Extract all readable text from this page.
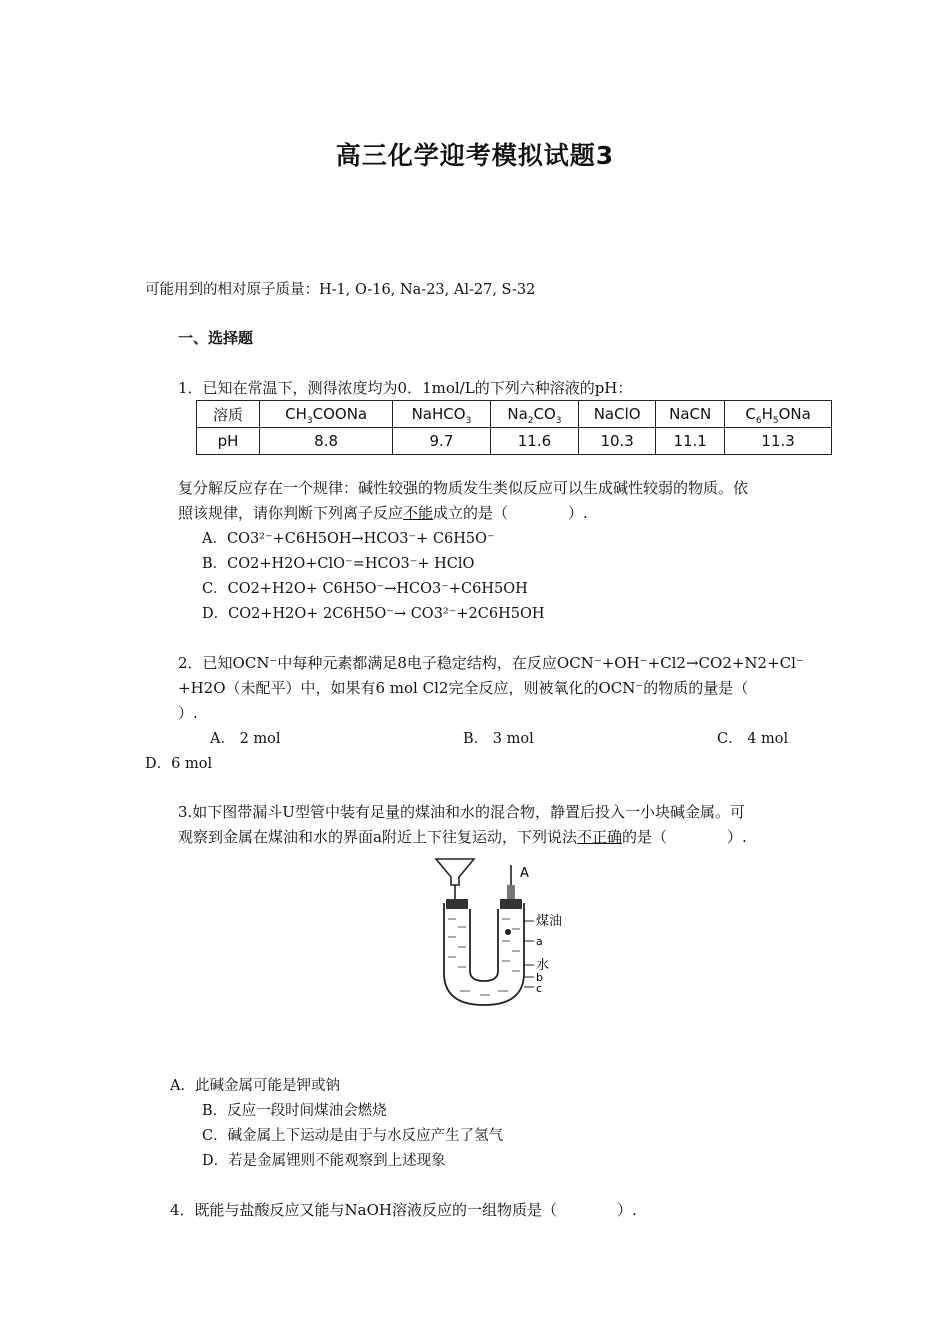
高三化学迎考模拟试题3
可能用到的相对原子质量：H-1, O-16, Na-23, Al-27, S-32
一、选择题
1．已知在常温下，测得浓度均为0．1mol/L的下列六种溶液的pH：
溶质	$CH_3COONa$	NaHCO$_3$	$Na_2CO_3$	NaClO	NaCN	$C_6H_5ONa$
pH	8.8	9.7	11.6	10.3	11.1	11.3
复分解反应存在一个规律：碱性较强的物质发生类似反应可以生成碱性较弱的物质。依
照该规律，请你判断下列离子反应不能成立的是（　　　　）.
A．CO3²⁻+C6H5OH→HCO3⁻+ C6H5O⁻
B．CO2+H2O+ClO⁻=HCO3⁻+ HClO
C．CO2+H2O+ C6H5O⁻→HCO3⁻+C6H5OH
D．CO2+H2O+ 2C6H5O⁻→ CO3²⁻+2C6H5OH
2．已知OCN⁻中每种元素都满足8电子稳定结构，在反应OCN⁻+OH⁻+Cl2→CO2+N2+Cl⁻
+H2O（未配平）中，如果有6 mol Cl2完全反应，则被氧化的OCN⁻的物质的量是（
）.
A． 2 mol	B． 3 mol	C． 4 mol
D．6 mol
3.如下图带漏斗U型管中装有足量的煤油和水的混合物，静置后投入一小块碱金属。可
观察到金属在煤油和水的界面a附近上下往复运动，下列说法不正确的是（　　　　）.
A
煤油
a
水
b
c
A．此碱金属可能是钾或钠
B．反应一段时间煤油会燃烧
C．碱金属上下运动是由于与水反应产生了氢气
D．若是金属锂则不能观察到上述现象
4．既能与盐酸反应又能与NaOH溶液反应的一组物质是（　　　　）.
